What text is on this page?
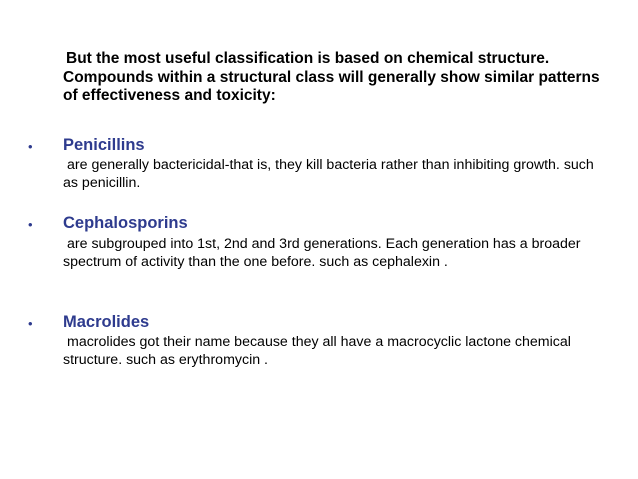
But the most useful classification is based on chemical structure. Compounds within a structural class will generally show similar patterns of effectiveness and toxicity:
• Penicillins
are generally bactericidal-that is, they kill bacteria rather than inhibiting growth. such as penicillin.
• Cephalosporins
are subgrouped into 1st, 2nd and 3rd generations. Each generation has a broader spectrum of activity than the one before. such as cephalexin .
• Macrolides
macrolides got their name because they all have a macrocyclic lactone chemical structure. such as erythromycin .
